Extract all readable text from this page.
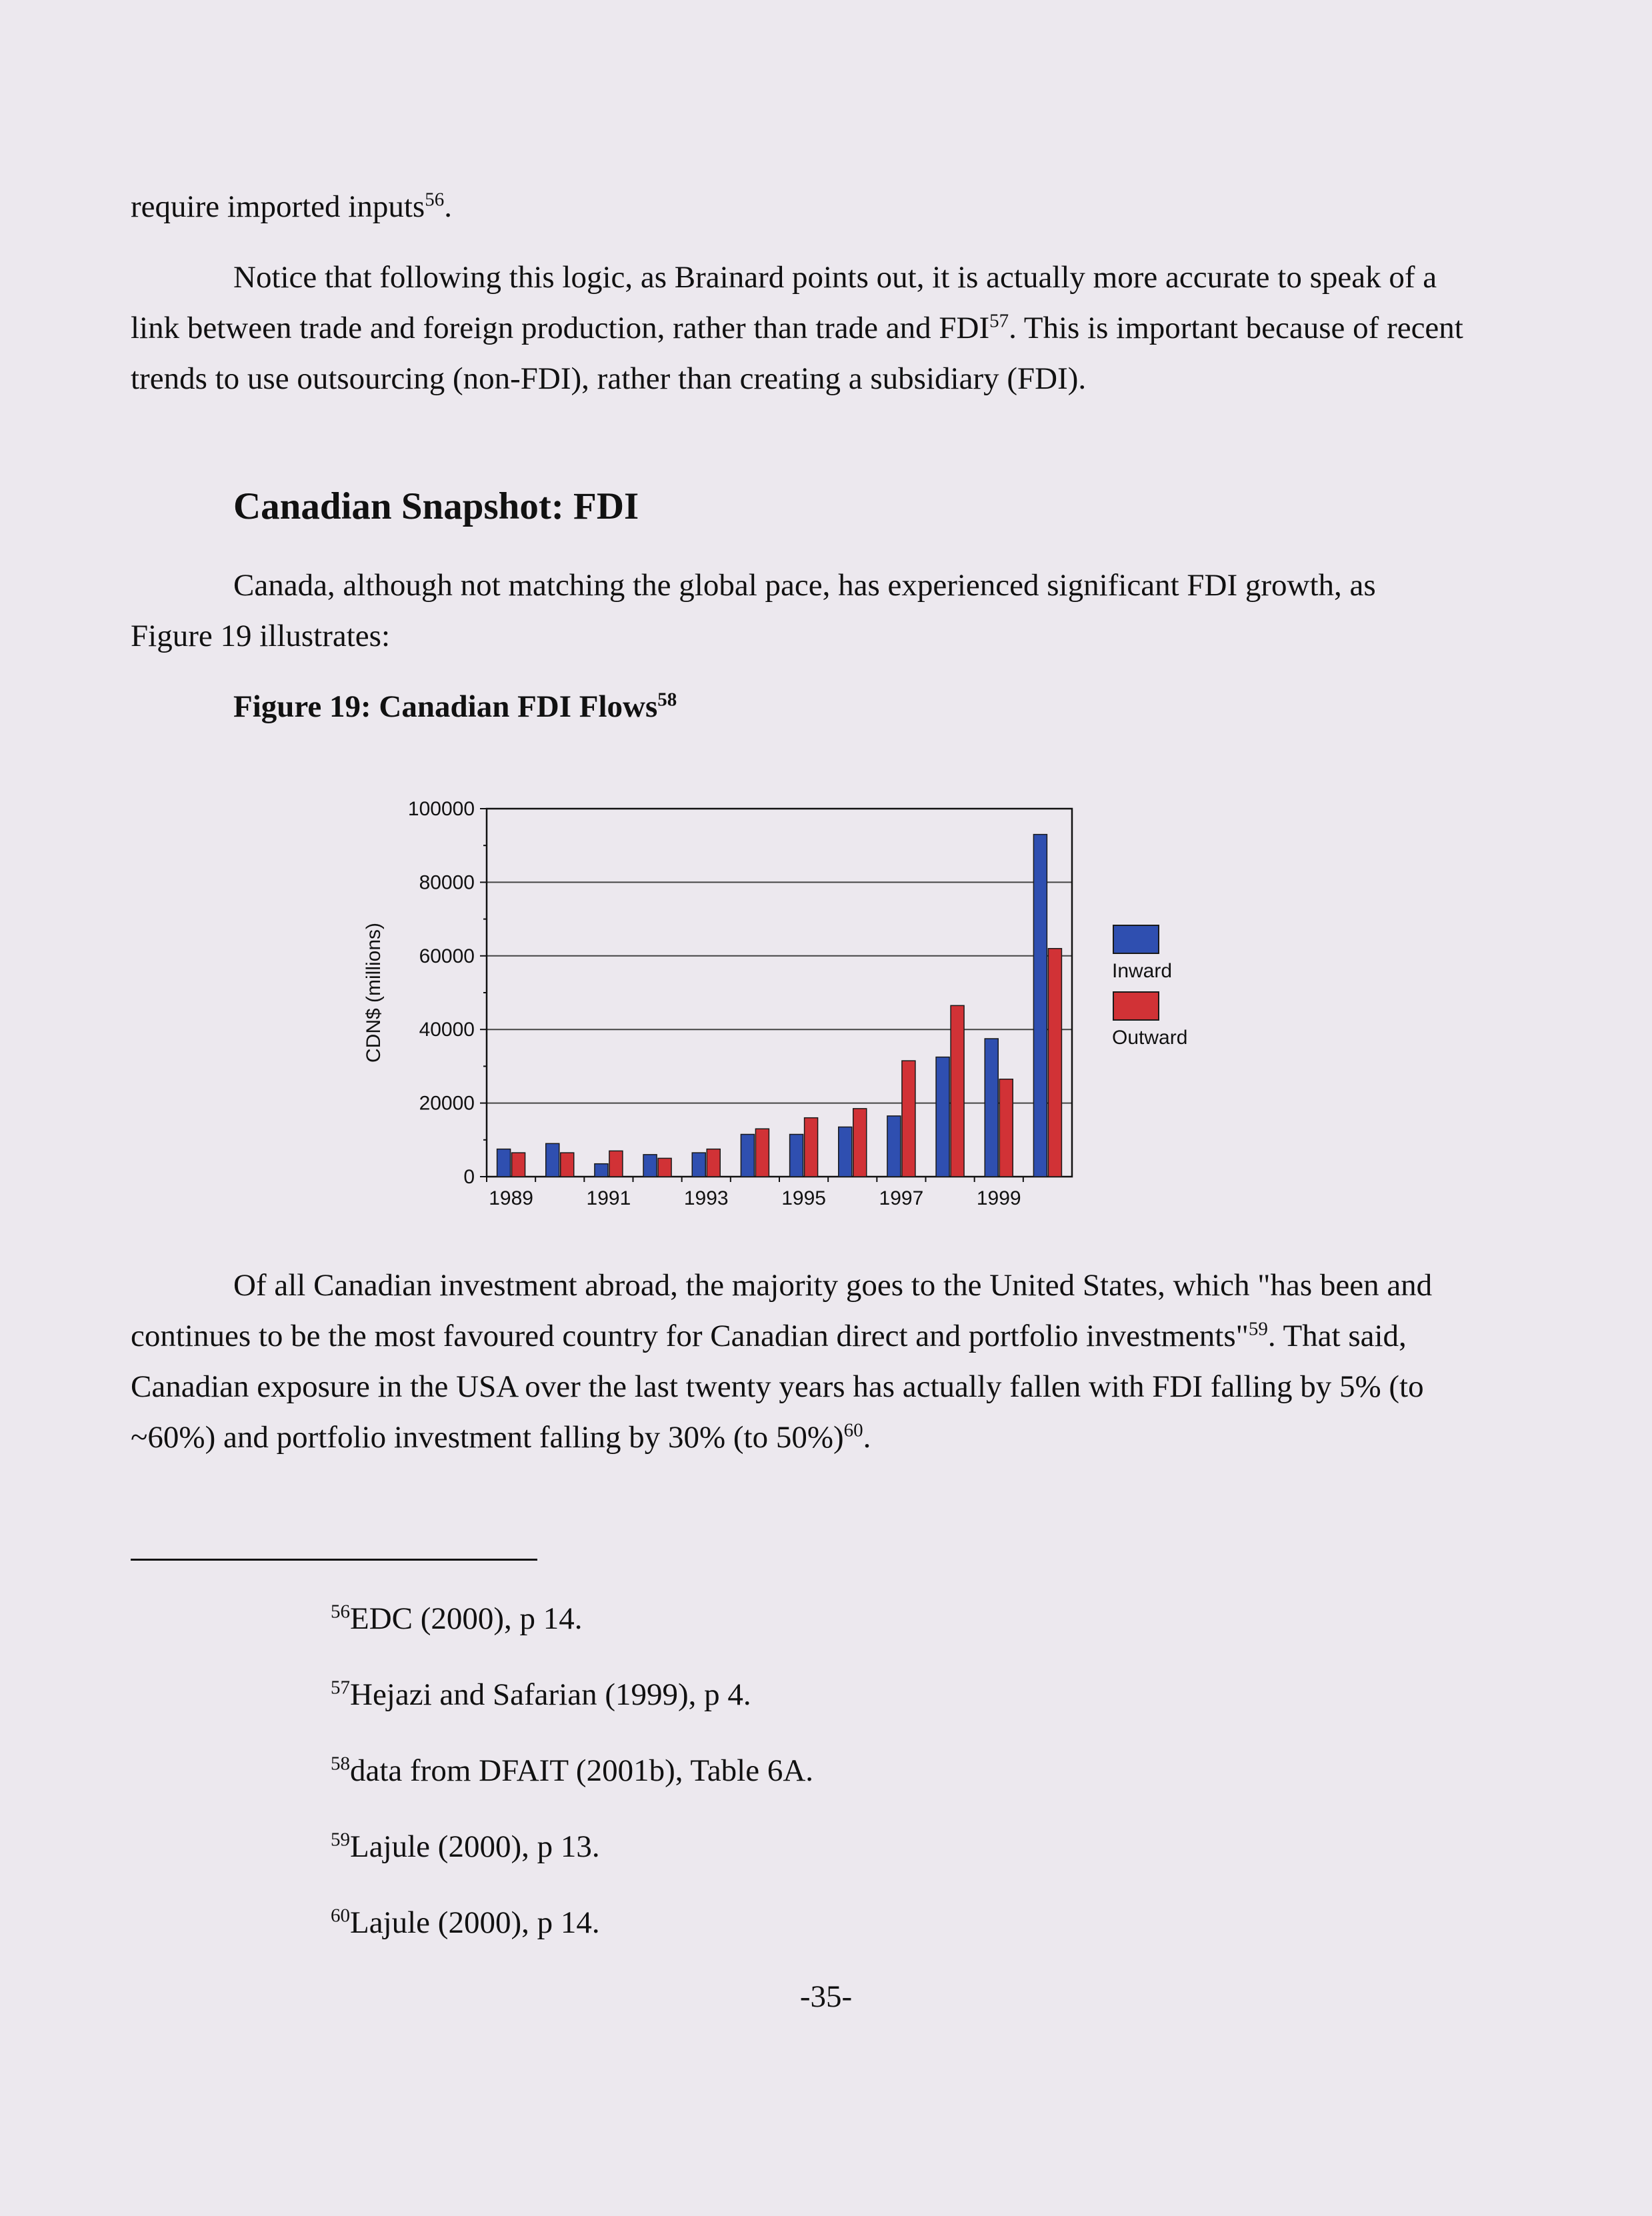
require imported inputs$^{56}$.

Notice that following this logic, as Brainard points out, it is actually more accurate to speak of a link between trade and foreign production, rather than trade and FDI$^{57}$. This is important because of recent trends to use outsourcing (non-FDI), rather than creating a subsidiary (FDI).

Canadian Snapshot: FDI

Canada, although not matching the global pace, has experienced significant FDI growth, as Figure 19 illustrates:

Figure 19: Canadian FDI Flows$^{58}$

100000
80000
60000
40000
20000
0
1989	1991	1993	1995	1997	1999
CDN$ (millions)	Inward
Outward

Of all Canadian investment abroad, the majority goes to the United States, which "has been and continues to be the most favoured country for Canadian direct and portfolio investments"$^{59}$. That said, Canadian exposure in the USA over the last twenty years has actually fallen with FDI falling by 5% (to ~60%) and portfolio investment falling by 30% (to 50%)$^{60}$.

$^{56}$EDC (2000), p 14.

$^{57}$Hejazi and Safarian (1999), p 4.

$^{58}$data from DFAIT (2001b), Table 6A.

$^{59}$Lajule (2000), p 13.

$^{60}$Lajule (2000), p 14.

-35-
